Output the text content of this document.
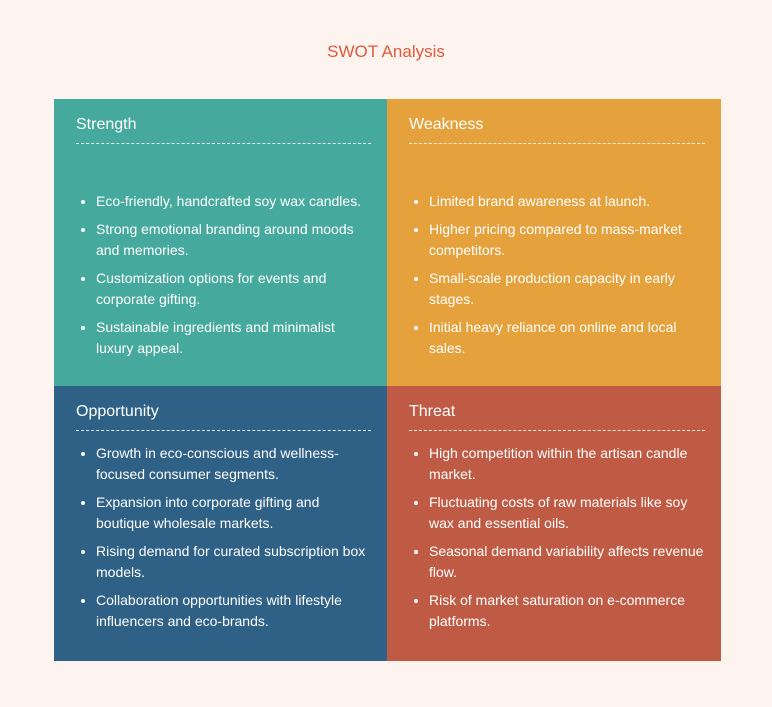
SWOT Analysis
Strength
• Eco-friendly, handcrafted soy wax candles.
• Strong emotional branding around moods and memories.
• Customization options for events and corporate gifting.
• Sustainable ingredients and minimalist luxury appeal.
Weakness
• Limited brand awareness at launch.
• Higher pricing compared to mass-market competitors.
• Small-scale production capacity in early stages.
• Initial heavy reliance on online and local sales.
Opportunity
• Growth in eco-conscious and wellness-focused consumer segments.
• Expansion into corporate gifting and boutique wholesale markets.
• Rising demand for curated subscription box models.
• Collaboration opportunities with lifestyle influencers and eco-brands.
Threat
• High competition within the artisan candle market.
• Fluctuating costs of raw materials like soy wax and essential oils.
• Seasonal demand variability affects revenue flow.
• Risk of market saturation on e-commerce platforms.
